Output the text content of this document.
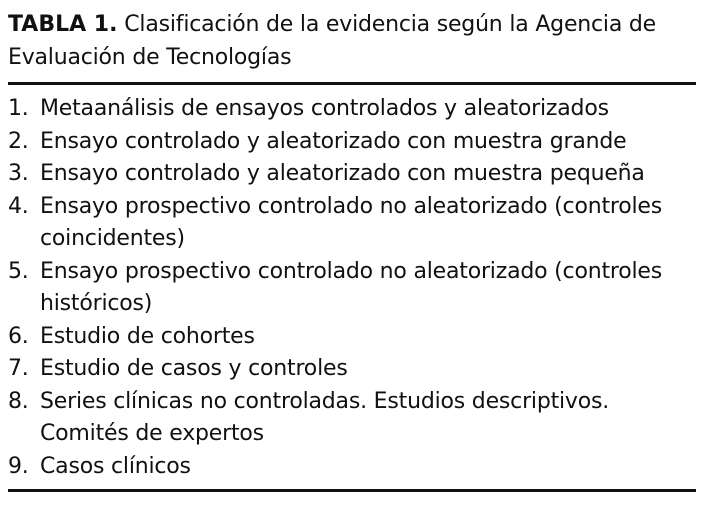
TABLA 1. Clasificación de la evidencia según la Agencia de Evaluación de Tecnologías
1. Metaanálisis de ensayos controlados y aleatorizados
2. Ensayo controlado y aleatorizado con muestra grande
3. Ensayo controlado y aleatorizado con muestra pequeña
4. Ensayo prospectivo controlado no aleatorizado (controles coincidentes)
5. Ensayo prospectivo controlado no aleatorizado (controles históricos)
6. Estudio de cohortes
7. Estudio de casos y controles
8. Series clínicas no controladas. Estudios descriptivos. Comités de expertos
9. Casos clínicos
